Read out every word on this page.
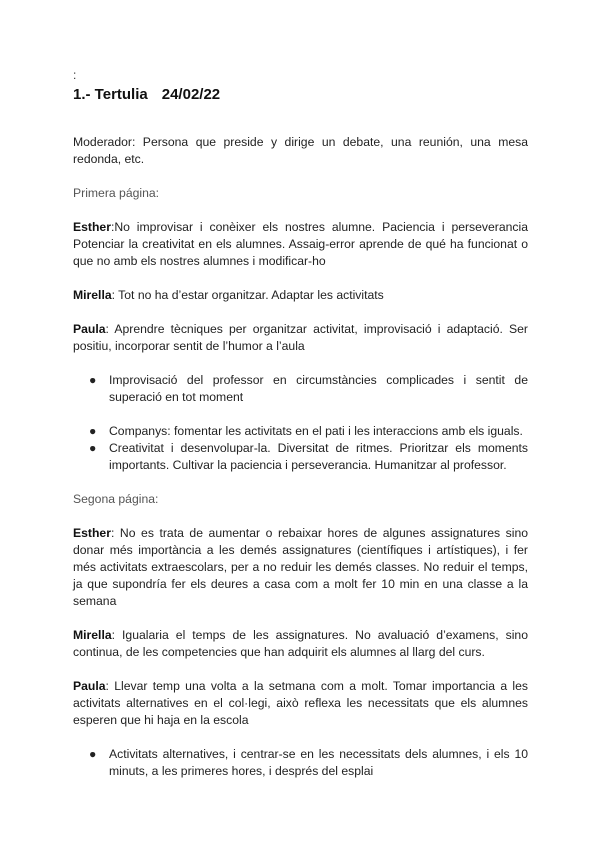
:
1.- Tertulia 24/02/22

Moderador: Persona que preside y dirige un debate, una reunión, una mesa redonda, etc.

Primera página:

Esther:No improvisar i conèixer els nostres alumne. Paciencia i perseverancia Potenciar la creativitat en els alumnes. Assaig-error aprende de qué ha funcionat o que no amb els nostres alumnes i modificar-ho

Mirella: Tot no ha d’estar organitzar. Adaptar les activitats

Paula: Aprendre tècniques per organitzar activitat, improvisació i adaptació. Ser positiu, incorporar sentit de l’humor a l’aula

● Improvisació del professor en circumstàncies complicades i sentit de superació en tot moment
● Companys: fomentar les activitats en el pati i les interaccions amb els iguals.
● Creativitat i desenvolupar-la. Diversitat de ritmes. Prioritzar els moments importants. Cultivar la paciencia i perseverancia. Humanitzar al professor.

Segona página:

Esther: No es trata de aumentar o rebaixar hores de algunes assignatures sino donar més importància a les demés assignatures (científiques i artístiques), i fer més activitats extraescolars, per a no reduir les demés classes. No reduir el temps, ja que supondría fer els deures a casa com a molt fer 10 min en una classe a la semana

Mirella: Igualaria el temps de les assignatures. No avaluació d’examens, sino continua, de les competencies que han adquirit els alumnes al llarg del curs.

Paula: Llevar temp una volta a la setmana com a molt. Tomar importancia a les activitats alternatives en el col·legi, això reflexa les necessitats que els alumnes esperen que hi haja en la escola

● Activitats alternatives, i centrar-se en les necessitats dels alumnes, i els 10 minuts, a les primeres hores, i després del esplai
